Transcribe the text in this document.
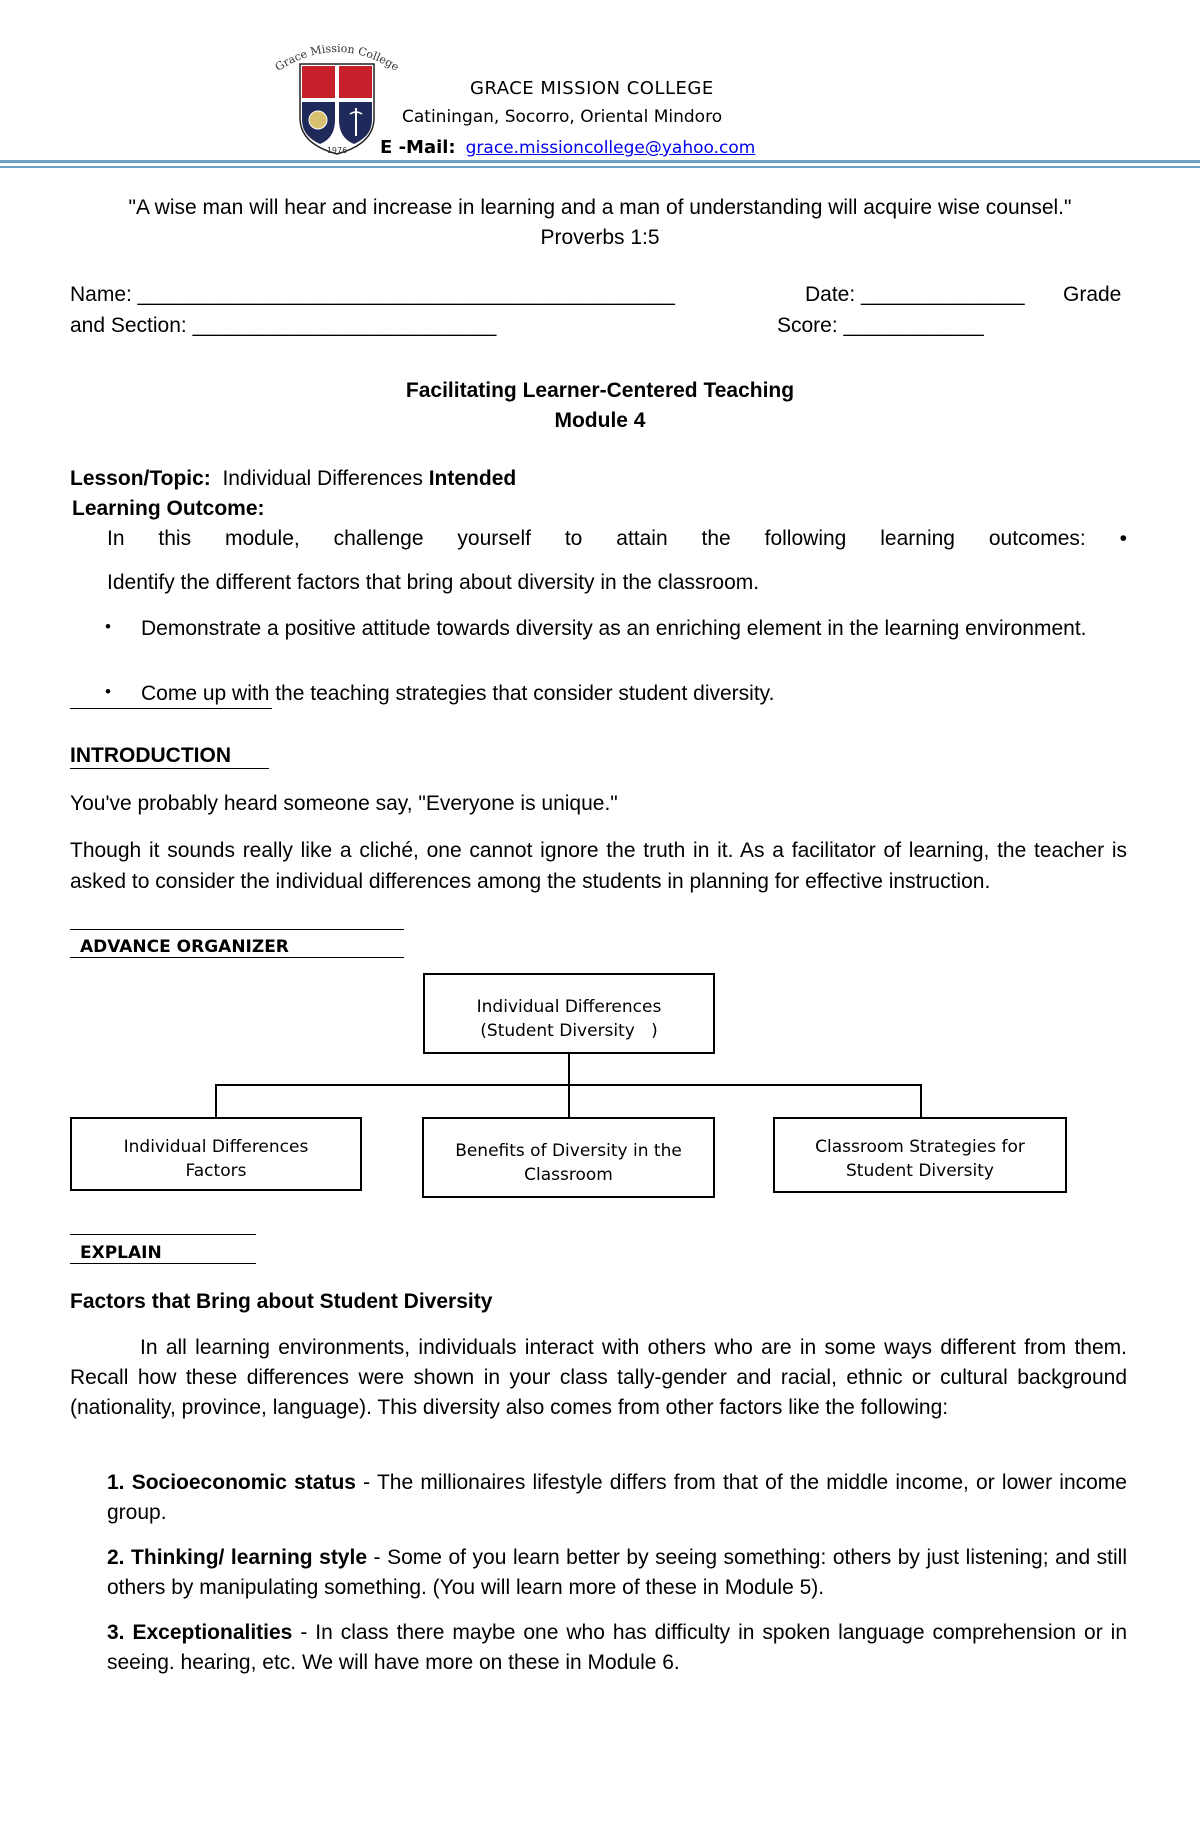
Grace Mission College
1976
GRACE MISSION COLLEGE
Catiningan, Socorro, Oriental Mindoro
E -Mail: grace.missioncollege@yahoo.com
"A wise man will hear and increase in learning and a man of understanding will acquire wise counsel."
Proverbs 1:5
Name: ______________________________________________	Date: ______________ Grade
and Section: __________________________	Score: ____________
Facilitating Learner-Centered Teaching
Module 4
Lesson/Topic: Individual Differences Intended
Learning Outcome:
In this module, challenge yourself to attain the following learning outcomes: •
Identify the different factors that bring about diversity in the classroom.
• Demonstrate a positive attitude towards diversity as an enriching element in the learning environment.
• Come up with the teaching strategies that consider student diversity.
INTRODUCTION
You've probably heard someone say, "Everyone is unique."
Though it sounds really like a cliché, one cannot ignore the truth in it. As a facilitator of learning, the teacher is asked to consider the individual differences among the students in planning for effective instruction.
ADVANCE ORGANIZER
Individual Differences
(Student Diversity   )
Individual Differences
Factors
Benefits of Diversity in the
Classroom
Classroom Strategies for
Student Diversity
EXPLAIN
Factors that Bring about Student Diversity
In all learning environments, individuals interact with others who are in some ways different from them. Recall how these differences were shown in your class tally-gender and racial, ethnic or cultural background (nationality, province, language). This diversity also comes from other factors like the following:
1. Socioeconomic status - The millionaires lifestyle differs from that of the middle income, or lower income group.
2. Thinking/ learning style - Some of you learn better by seeing something: others by just listening; and still others by manipulating something. (You will learn more of these in Module 5).
3. Exceptionalities - In class there maybe one who has difficulty in spoken language comprehension or in seeing. hearing, etc. We will have more on these in Module 6.
